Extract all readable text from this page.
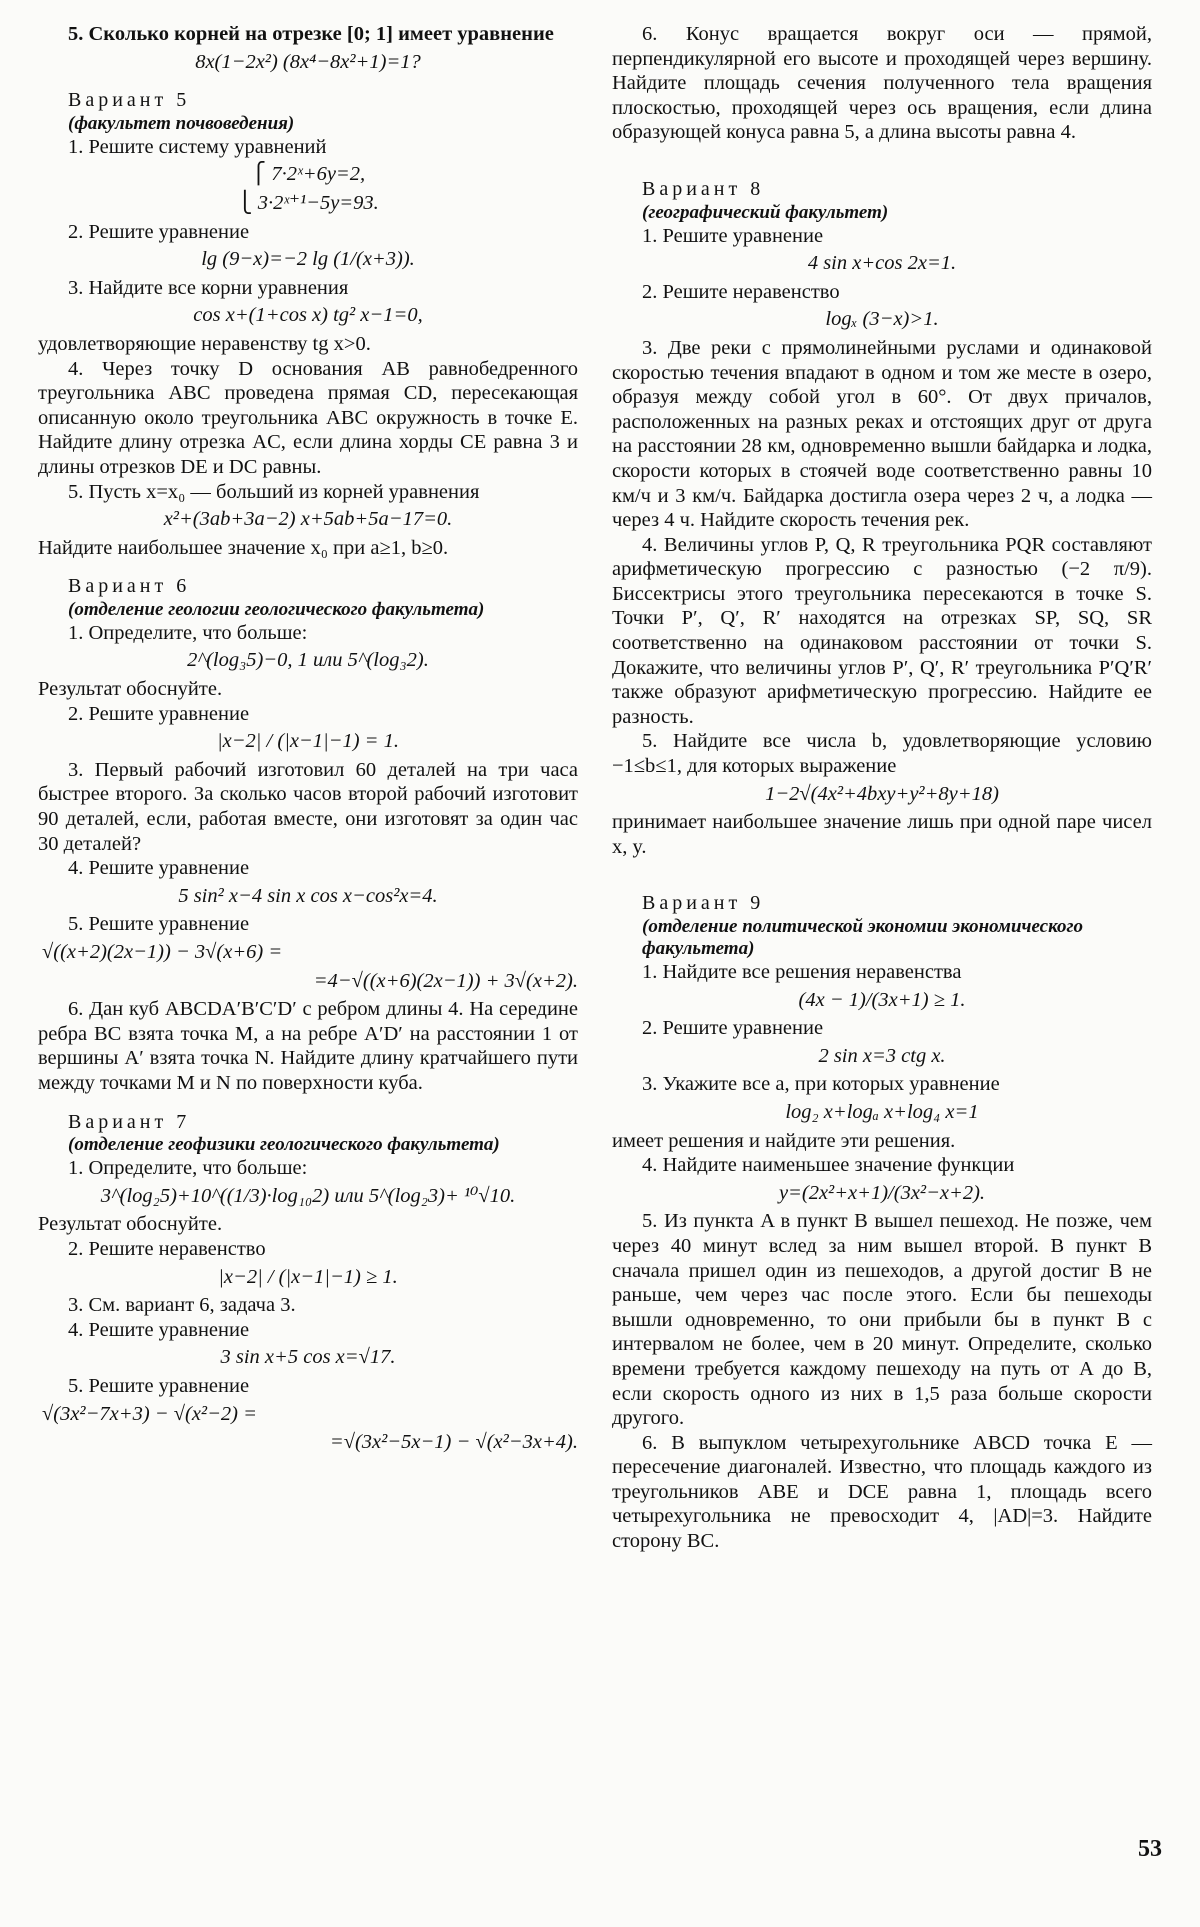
5. Сколько корней на отрезке [0; 1] имеет уравнение

8x(1−2x²) (8x⁴−8x²+1)=1?
Вариант 5
(факультет почвоведения)

1. Решите систему уравнений

⎧ 7·2ˣ+6y=2,
⎩ 3·2ˣ⁺¹−5y=93.

2. Решите уравнение

lg (9−x)=−2 lg (1/(x+3)).

3. Найдите все корни уравнения

cos x+(1+cos x) tg² x−1=0,

удовлетворяющие неравенству tg x>0.

4. Через точку D основания AB равнобедренного треугольника ABC проведена прямая CD, пересекающая описанную около треугольника ABC окружность в точке E. Найдите длину отрезка AC, если длина хорды CE равна 3 и длины отрезков DE и DC равны.

5. Пусть x=x₀ — больший из корней уравнения

x²+(3ab+3a−2) x+5ab+5a−17=0.

Найдите наибольшее значение x₀ при a≥1, b≥0.

Вариант 6
(отделение геологии геологического факультета)

1. Определите, что больше:

2^(log₃5)−0, 1 или 5^(log₃2).

Результат обоснуйте.

2. Решите уравнение

|x−2| / (|x−1|−1) = 1.

3. Первый рабочий изготовил 60 деталей на три часа быстрее второго. За сколько часов второй рабочий изготовит 90 деталей, если, работая вместе, они изготовят за один час 30 деталей?

4. Решите уравнение

5 sin² x−4 sin x cos x−cos²x=4.

5. Решите уравнение

√((x+2)(2x−1)) − 3√(x+6) =
=4−√((x+6)(2x−1)) + 3√(x+2).

6. Дан куб ABCDA′B′C′D′ с ребром длины 4. На середине ребра BC взята точка M, а на ребре A′D′ на расстоянии 1 от вершины A′ взята точка N. Найдите длину кратчайшего пути между точками M и N по поверхности куба.

Вариант 7
(отделение геофизики геологического факультета)

1. Определите, что больше:

3^(log₂5)+10^((1/3)·log₁₀2) или 5^(log₂3)+ ¹⁰√10.

Результат обоснуйте.

2. Решите неравенство

|x−2| / (|x−1|−1) ≥ 1.

3. См. вариант 6, задача 3.

4. Решите уравнение

3 sin x+5 cos x=√17.

5. Решите уравнение

√(3x²−7x+3) − √(x²−2) =
=√(3x²−5x−1) − √(x²−3x+4).

6. Конус вращается вокруг оси — прямой, перпендикулярной его высоте и проходящей через вершину. Найдите площадь сечения полученного тела вращения плоскостью, проходящей через ось вращения, если длина образующей конуса равна 5, а длина высоты равна 4.

Вариант 8
(географический факультет)

1. Решите уравнение

4 sin x+cos 2x=1.

2. Решите неравенство

logₓ (3−x)>1.

3. Две реки с прямолинейными руслами и одинаковой скоростью течения впадают в одном и том же месте в озеро, образуя между собой угол в 60°. От двух причалов, расположенных на разных реках и отстоящих друг от друга на расстоянии 28 км, одновременно вышли байдарка и лодка, скорости которых в стоячей воде соответственно равны 10 км/ч и 3 км/ч. Байдарка достигла озера через 2 ч, а лодка — через 4 ч. Найдите скорость течения рек.

4. Величины углов P, Q, R треугольника PQR составляют арифметическую прогрессию с разностью (−2 π/9). Биссектрисы этого треугольника пересекаются в точке S. Точки P′, Q′, R′ находятся на отрезках SP, SQ, SR соответственно на одинаковом расстоянии от точки S. Докажите, что величины углов P′, Q′, R′ треугольника P′Q′R′ также образуют арифметическую прогрессию. Найдите ее разность.

5. Найдите все числа b, удовлетворяющие условию −1≤b≤1, для которых выражение

1−2√(4x²+4bxy+y²+8y+18)

принимает наибольшее значение лишь при одной паре чисел x, y.

Вариант 9
(отделение политической экономии экономического факультета)

1. Найдите все решения неравенства

(4x − 1)/(3x+1) ≥ 1.

2. Решите уравнение

2 sin x=3 ctg x.

3. Укажите все a, при которых уравнение

log₂ x+logₐ x+log₄ x=1

имеет решения и найдите эти решения.

4. Найдите наименьшее значение функции

y=(2x²+x+1)/(3x²−x+2).

5. Из пункта A в пункт B вышел пешеход. Не позже, чем через 40 минут вслед за ним вышел второй. В пункт B сначала пришел один из пешеходов, а другой достиг B не раньше, чем через час после этого. Если бы пешеходы вышли одновременно, то они прибыли бы в пункт B с интервалом не более, чем в 20 минут. Определите, сколько времени требуется каждому пешеходу на путь от A до B, если скорость одного из них в 1,5 раза больше скорости другого.

6. В выпуклом четырехугольнике ABCD точка E — пересечение диагоналей. Известно, что площадь каждого из треугольников ABE и DCE равна 1, площадь всего четырехугольника не превосходит 4, |AD|=3. Найдите сторону BC.

53
